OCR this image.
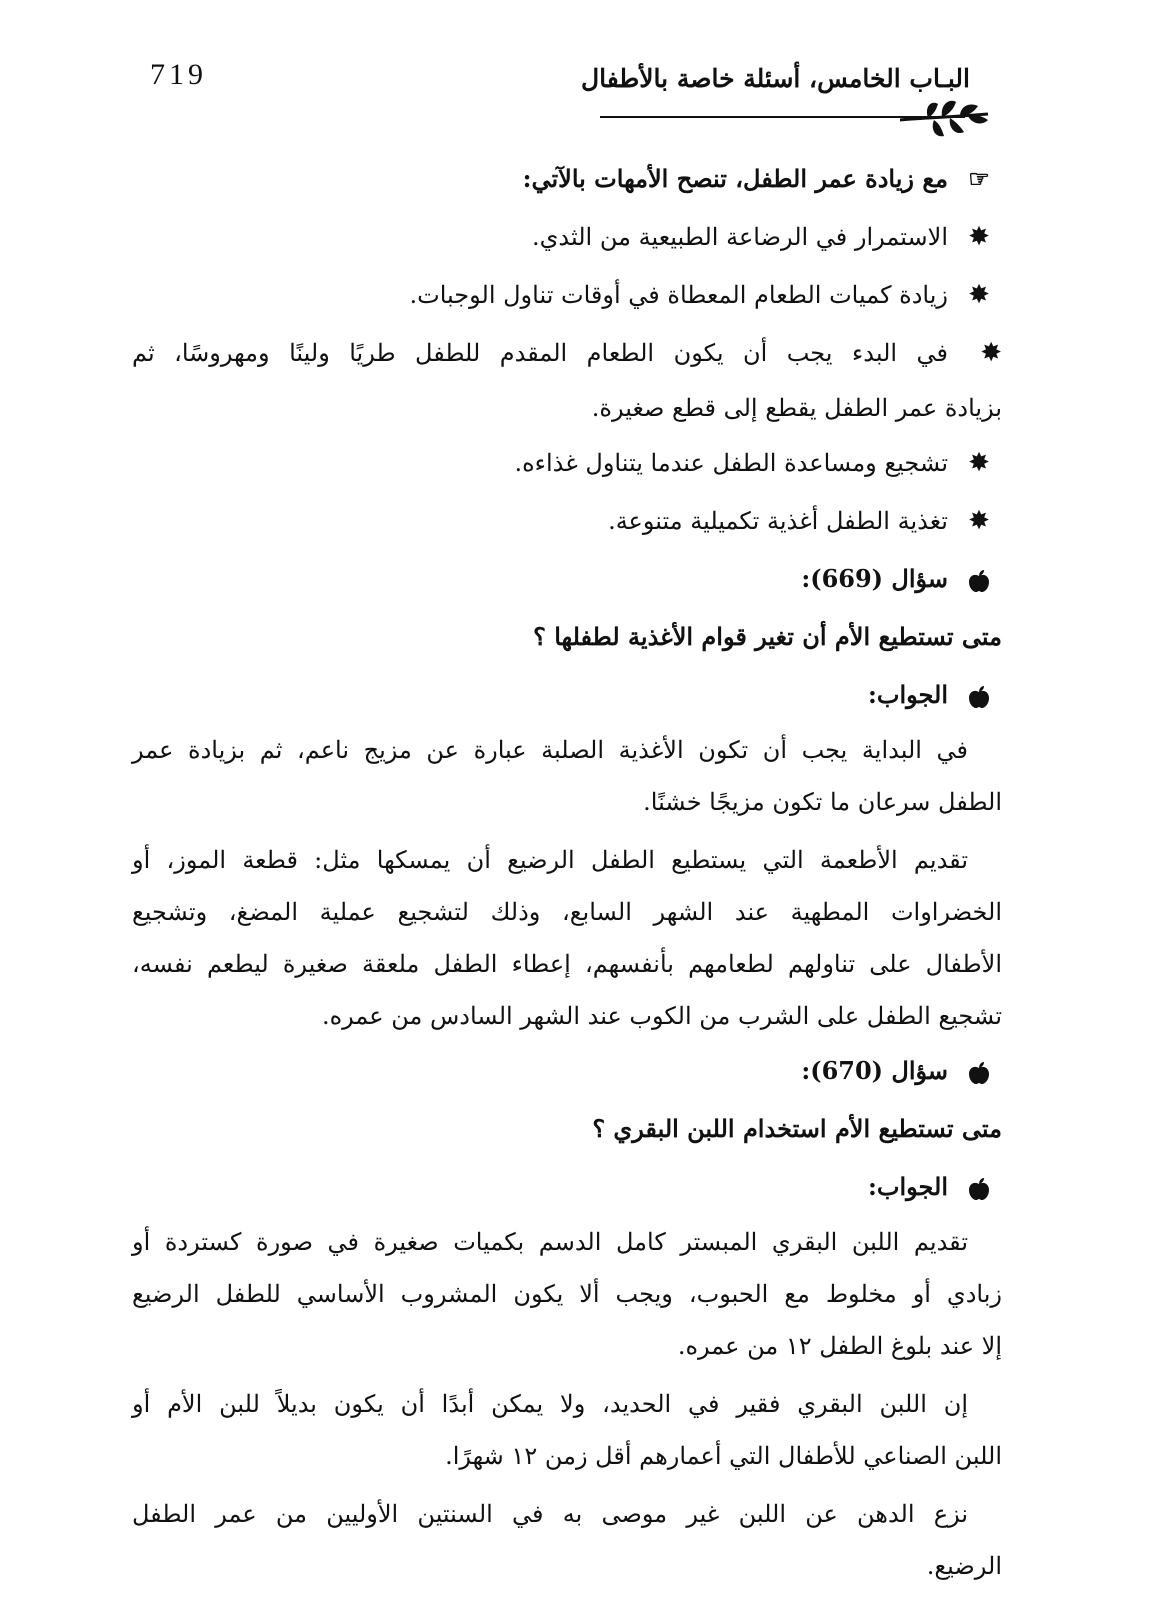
719	البـاب الخامس، أسئلة خاصة بالأطفال
☞
مع زيادة عمر الطفل، تنصح الأمهات بالآتي:
✸
الاستمرار في الرضاعة الطبيعية من الثدي.
✸
زيادة كميات الطعام المعطاة في أوقات تناول الوجبات.
✸
في البدء يجب أن يكون الطعام المقدم للطفل طريًا ولينًا ومهروسًا، ثم
بزيادة عمر الطفل يقطع إلى قطع صغيرة.
✸
تشجيع ومساعدة الطفل عندما يتناول غذاءه.
✸
تغذية الطفل أغذية تكميلية متنوعة.
سؤال (669):
متى تستطيع الأم أن تغير قوام الأغذية لطفلها ؟
الجواب:
في البداية يجب أن تكون الأغذية الصلبة عبارة عن مزيج ناعم، ثم بزيادة عمر
الطفل سرعان ما تكون مزيجًا خشنًا.
تقديم الأطعمة التي يستطيع الطفل الرضيع أن يمسكها مثل: قطعة الموز، أو
الخضراوات المطهية عند الشهر السابع، وذلك لتشجيع عملية المضغ، وتشجيع
الأطفال على تناولهم لطعامهم بأنفسهم، إعطاء الطفل ملعقة صغيرة ليطعم نفسه،
تشجيع الطفل على الشرب من الكوب عند الشهر السادس من عمره.
سؤال (670):
متى تستطيع الأم استخدام اللبن البقري ؟
الجواب:
تقديم اللبن البقري المبستر كامل الدسم بكميات صغيرة في صورة كستردة أو
زبادي أو مخلوط مع الحبوب، ويجب ألا يكون المشروب الأساسي للطفل الرضيع
إلا عند بلوغ الطفل ١٢ من عمره.
إن اللبن البقري فقير في الحديد، ولا يمكن أبدًا أن يكون بديلاً للبن الأم أو
اللبن الصناعي للأطفال التي أعمارهم أقل زمن ١٢ شهرًا.
نزع الدهن عن اللبن غير موصى به في السنتين الأوليين من عمر الطفل
الرضيع.
